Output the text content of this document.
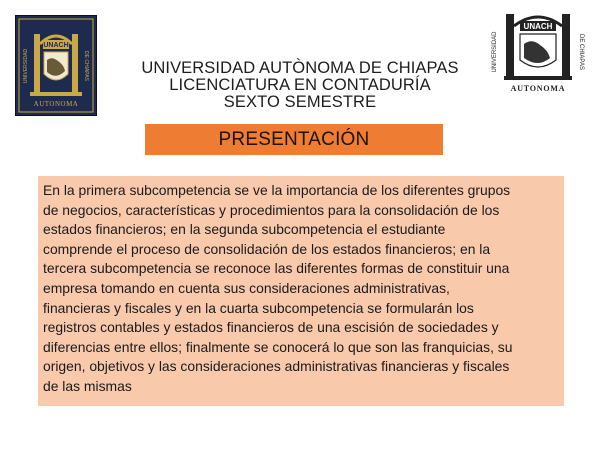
UNIVERSIDAD	DE CHIAPAS
UNACH
AUTONOMA
UNIVERSIDAD	DE CHIAPAS
UNACH
AUTONOMA
UNIVERSIDAD AUTÒNOMA DE CHIAPAS
LICENCIATURA EN CONTADURÍA
SEXTO SEMESTRE
PRESENTACIÓN
En la primera subcompetencia se ve la importancia de los diferentes grupos
de negocios, características y procedimientos para la consolidación de los
estados financieros; en la segunda subcompetencia el estudiante
comprende el proceso de consolidación de los estados financieros; en la
tercera subcompetencia se reconoce las diferentes formas de constituir una
empresa tomando en cuenta sus consideraciones administrativas,
financieras y fiscales y en la cuarta subcompetencia se formularán los
registros contables y estados financieros de una escisión de sociedades y
diferencias entre ellos; finalmente se conocerá lo que son las franquicias, su
origen, objetivos y las consideraciones administrativas financieras y fiscales
de las mismas
